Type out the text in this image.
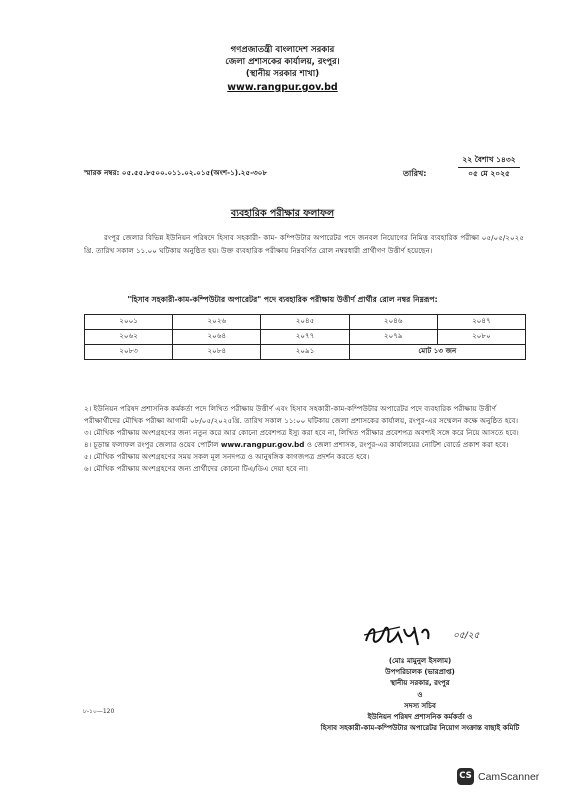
গণপ্রজাতন্ত্রী বাংলাদেশ সরকার
জেলা প্রশাসকের কার্যালয়, রংপুর।
(স্থানীয় সরকার শাখা)
www.rangpur.gov.bd
স্মারক নম্বর: ০৫.৫৫.৮৫০০.০১১.০২.০১৫(অংশ-১).২৫-৩০৮	তারিখ:
২২ বৈশাখ ১৪৩২
০৫ মে ২০২৫
ব্যবহারিক পরীক্ষার ফলাফল
রংপুর জেলার বিভিন্ন ইউনিয়ন পরিষদে হিসাব সহকারী- কাম- কম্পিউটার অপারেটর পদে জনবল নিয়োগের নিমিত্ত ব্যবহারিক পরীক্ষা ০৫/০৫/২০২৫ খ্রি. তারিখ সকাল ১১.০০ ঘটিকায় অনুষ্ঠিত হয়। উক্ত ব্যবহারিক পরীক্ষায় নিম্নবর্ণিত রোল নম্বরধারী প্রার্থীগণ উত্তীর্ণ হয়েছেন।
"হিসাব সহকারী-কাম-কম্পিউটার অপারেটর" পদে ব্যবহারিক পরীক্ষায় উত্তীর্ণ প্রার্থীর রোল নম্বর নিম্নরূপ:
২০০১	২০২৬	২০৪৫	২০৪৬	২০৪৭
২০৬২	২০৬৪	২০৭৭	২০৭৯	২০৮০
২০৮৩	২০৮৪	২০৯১	মোট ১৩ জন	

২। ইউনিয়ন পরিষদ প্রশাসনিক কর্মকর্তা পদে লিখিত পরীক্ষায় উত্তীর্ণ এবং হিসাব সহকারী-কাম-কম্পিউটার অপারেটর পদে ব্যবহারিক পরীক্ষায় উত্তীর্ণ পরীক্ষার্থীদের মৌখিক পরীক্ষা আগামী ০৮/০৫/২০২৫খ্রি. তারিখ সকাল ১১:০০ ঘটিকায় জেলা প্রশাসকের কার্যালয়, রংপুর-এর সম্মেলন কক্ষে অনুষ্ঠিত হবে।

৩। মৌখিক পরীক্ষায় অংশগ্রহণের জন্য নতুন করে আর কোনো প্রবেশপত্র ইস্যু করা হবে না, লিখিত পরীক্ষার প্রবেশপত্র অবশ্যই সঙ্গে করে নিয়ে আসতে হবে।

৪। চূড়ান্ত ফলাফল রংপুর জেলার ওয়েব পোর্টাল www.rangpur.gov.bd ও জেলা প্রশাসক, রংপুর-এর কার্যালয়ের নোটিশ বোর্ডে প্রকাশ করা হবে।

৫। মৌখিক পরীক্ষায় অংশগ্রহণের সময় সকল মূল সনদপত্র ও আনুষঙ্গিক কাগজপত্র প্রদর্শন করতে হবে।

৬। মৌখিক পরীক্ষায় অংশগ্রহণের জন্য প্রার্থীদের কোনো টিএ/ডিএ দেয়া হবে না।

০৫/২৫
(মোঃ মামুনুল ইসলাম)
উপপরিচালক (ভারপ্রাপ্ত)
স্থানীয় সরকার, রংপুর
ও
সদস্য সচিব
ইউনিয়ন পরিষদ প্রশাসনিক কর্মকর্তা ও
হিসাব সহকারী-কাম-কম্পিউটার অপারেটর নিয়োগ সংক্রান্ত বাছাই কমিটি
৮-১০—120
CS CamScanner
